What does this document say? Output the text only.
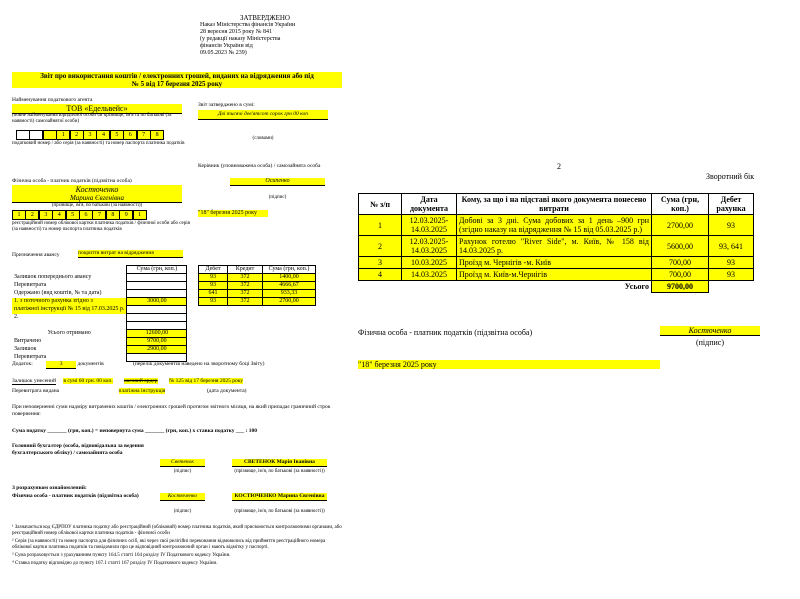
ЗАТВЕРДЖЕНО
Наказ Міністерства фінансів України
28 вересня 2015 року № 841
(у редакції наказу Міністерства
фінансів України від
09.05.2023 № 239)
Звіт про використання коштів / електронних грошей, виданих на відрядження або під
№ 5 від 17 березня 2025 року
Найменування податкового агента
ТОВ «Едельвейс»
(повне найменування юридичної особи чи прізвище, ім'я та по батькові (за наявності) самозайнятої особи)
1	2	3	4	5	6	7	8
податковий номер / або серія (за наявності) та номер паспорта платника податків
Звіт затверджено в сумі:
Дві тисячі дев'ятсот сорок грн 00 коп
(словами)
Керівник (уповноважена особа) / самозайнята особа
Осипенко
(підпис)
"18" березня 2025 року
Фізична особа - платник податків (підзвітна особа)
Костюченко
Марина Євгенівна
(прізвище, ім'я, по батькові (за наявності))
1	2	3	4	5	6	7	8	9	1
реєстраційний номер облікової картки платника податків / фізичної особи або серія (за наявності) та номер паспорта платника податків
Призначення авансу	покриття витрат на відрядження
	Сума (грн, коп.)
Залишок попереднього авансу	
Перевитрата	
Одержано (вид коштів, № та дата)	
1. з поточного рахунка згідно з	3000,00
платіжної інструкції № 15 від 17.03.2025 р.	
2.	

Усього отримано	12600,00
Витрачено	9700,00
Залишок	2900,00
Перевитрата	
Дебет	Кредит	Сума (грн, коп.)
93	372	1400,00
93	372	4666,67
641	372	933,33
93	372	2700,00
Додаток:	3	документів	(перелік документів наведено на зворотному боці Звіту)
Залишок унесений в сумі 60 грн. 00 коп. касовий ордер № 125 від 17 березня 2025 року
Перевитрата видана	платіжна інструкція	(дата документа)
При неповерненні суми надміру витрачених коштів / електронних грошей протягом звітного місяця, на який припадає граничний строк повернення:
Сума податку _______ (грн, коп.) = неповернута сума _______ (грн, коп.) х ставка податку ___ : 100
Головний бухгалтер (особа, відповідальна за ведення бухгалтерського обліку) / самозайнята особа
Светенок
(підпис)
СВЕТЕНОК Марія Іванівна
(прізвище, ім'я, по батькові (за наявності))
З розрахунком ознайомлений:
Фізична особа - платник податків (підзвітна особа)	Костюченко
(підпис)
КОСТЮЧЕНКО Марина Євгенівна
(прізвище, ім'я, по батькові (за наявності))
¹ Зазначається код ЄДРПОУ платника податку або реєстраційний (обліковий) номер платника податків, який присвоюється контролюючими органами, або реєстраційний номер облікової картки платника податків - фізичної особи
² Серія (за наявності) та номер паспорта для фізичних осіб, які через свої релігійні переконання відмовились від прийняття реєстраційного номера облікової картки платника податків та повідомили про це відповідний контролюючий орган і мають відмітку у паспорті.
³ Сума розраховується з урахуванням пункту 164.5 статті 164 розділу IV Податкового кодексу України.
⁴ Ставка податку відповідно до пункту 167.1 статті 167 розділу IV Податкового кодексу України.
2
Зворотний бік
№ з/п	Дата документа	Кому, за що і на підставі якого документа понесено витрати	Сума (грн, коп.)	Дебет рахунка
1	12.03.2025-14.03.2025	Добові за 3 дні. Сума добових за 1 день –900 грн (згідно наказу на відрядження № 15 від 05.03.2025 р.)	2700,00	93
2	12.03.2025-14.03.2025	Рахунок готелю "River Side", м. Київ, № 158 від 14.03.2025 р.	5600,00	93, 641
3	10.03.2025	Проїзд м. Чернігів -м. Київ	700,00	93
4	14.03.2025	Проїзд м. Київ-м.Чернігів	700,00	93
Усього			9700,00	
Фізична особа - платник податків (підзвітна особа)	Костюченко
(підпис)
"18" березня 2025 року
